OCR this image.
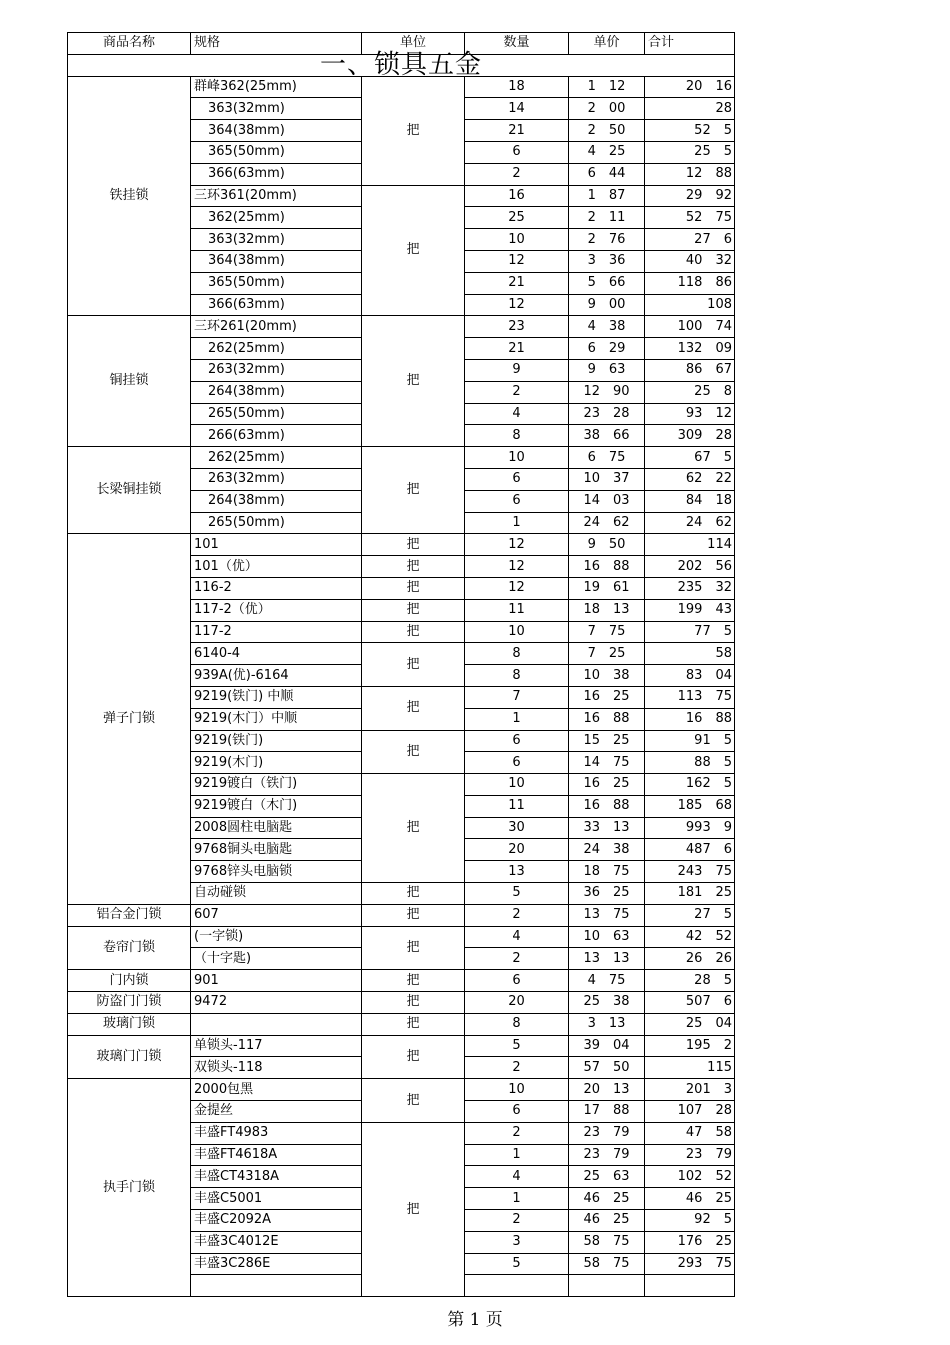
商品名称	规格	单位	数量	单价	合计
一、锁具五金					
铁挂锁	群峰362(25mm)	把	18	1　12	20　16
	363(32mm)		14	2　00	28
	364(38mm)		21	2　50	52　5
	365(50mm)		6	4　25	25　5
	366(63mm)		2	6　44	12　88
	三环361(20mm)	把	16	1　87	29　92
	362(25mm)		25	2　11	52　75
	363(32mm)		10	2　76	27　6
	364(38mm)		12	3　36	40　32
	365(50mm)		21	5　66	118　86
	366(63mm)		12	9　00	108
铜挂锁	三环261(20mm)	把	23	4　38	100　74
	262(25mm)		21	6　29	132　09
	263(32mm)		9	9　63	86　67
	264(38mm)		2	12　90	25　8
	265(50mm)		4	23　28	93　12
	266(63mm)		8	38　66	309　28
长梁铜挂锁	262(25mm)	把	10	6　75	67　5
	263(32mm)		6	10　37	62　22
	264(38mm)		6	14　03	84　18
	265(50mm)		1	24　62	24　62
弹子门锁	101	把	12	9　50	114
	101（优）	把	12	16　88	202　56
	116-2	把	12	19　61	235　32
	117-2（优）	把	11	18　13	199　43
	117-2	把	10	7　75	77　5
	6140-4	把	8	7　25	58
	939A(优)-6164		8	10　38	83　04
	9219(铁门) 中顺	把	7	16　25	113　75
	9219(木门）中顺		1	16　88	16　88
	9219(铁门)	把	6	15　25	91　5
	9219(木门)		6	14　75	88　5
	9219镀白（铁门)	把	10	16　25	162　5
	9219镀白（木门)		11	16　88	185　68
	2008圆柱电脑匙		30	33　13	993　9
	9768铜头电脑匙		20	24　38	487　6
	9768锌头电脑锁		13	18　75	243　75
	自动碰锁	把	5	36　25	181　25
铝合金门锁	607	把	2	13　75	27　5
卷帘门锁	(一字锁)	把	4	10　63	42　52
	（十字匙)		2	13　13	26　26
门内锁	901	把	6	4　75	28　5
防盗门门锁	9472	把	20	25　38	507　6
玻璃门锁		把	8	3　13	25　04
玻璃门门锁	单锁头-117	把	5	39　04	195　2
	双锁头-118		2	57　50	115
执手门锁	2000包黑	把	10	20　13	201　3
	金提丝		6	17　88	107　28
	丰盛FT4983	把	2	23　79	47　58
	丰盛FT4618A		1	23　79	23　79
	丰盛CT4318A		4	25　63	102　52
	丰盛C5001		1	46　25	46　25
	丰盛C2092A		2	46　25	92　5
	丰盛3C4012E		3	58　75	176　25
	丰盛3C286E		5	58　75	293　75

第 1 页
